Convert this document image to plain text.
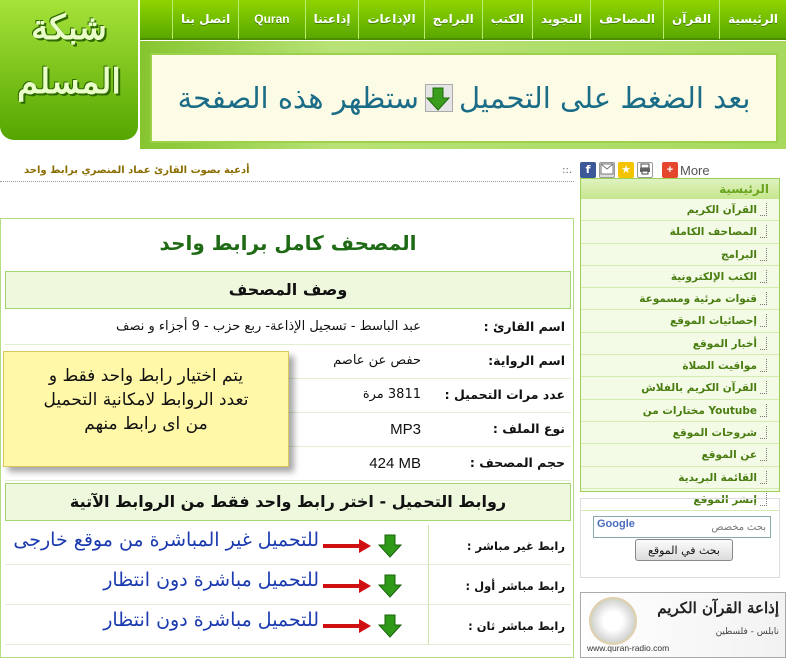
الرئيسية
القرآن
المصاحف
التجويد
الكتب
البرامج
الإذاعات
إذاعتنا
Quran
اتصل بنا
شبكة
المسلم	بعد الضغط على التحميل
ستظهر هذه الصفحة
أدعية بصوت القارئ عماد المنصري برابط واحد	::.	f	★	+ More
الرئيسية
القرآن الكريم
المصاحف الكاملة
البرامج
الكتب الإلكترونية
قنوات مرئية ومسموعة
إحصائيات الموقع
أخبار الموقع
مواقيت الصلاة
القرآن الكريم بالفلاش
مختارات من Youtube
شروحات الموقع
عن الموقع
القائمة البريدية
إنشر الموقع
بحث مخصص
Google
بحث في الموقع
إذاعة القرآن الكريم
نابلس - فلسطين
www.quran-radio.com
المصحف كامل برابط واحد
وصف المصحف
اسم القارئ :
عبد الباسط - تسجيل الإذاعة- ربع حزب - 9 أجزاء و نصف
اسم الرواية:
حفص عن عاصم
عدد مرات التحميل :
3811 مرة
نوع الملف :
MP3
حجم المصحف :
424 MB
يتم اختيار رابط واحد فقط و
تعدد الروابط لامكانية التحميل
من اى رابط منهم
روابط التحميل - اختر رابط واحد فقط من الروابط الآتية
رابط غير مباشر :
للتحميل غير المباشرة من موقع خارجى
رابط مباشر أول :
للتحميل مباشرة دون انتظار
رابط مباشر ثان :
للتحميل مباشرة دون انتظار
